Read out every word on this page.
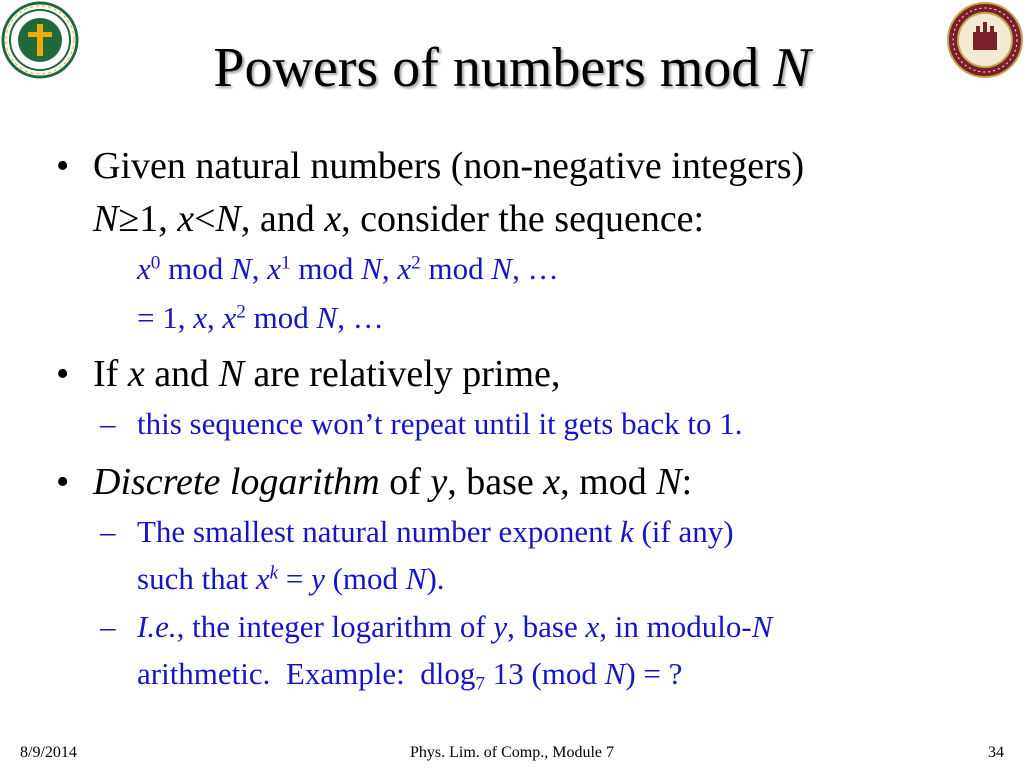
Powers of numbers mod N
• Given natural numbers (non-negative integers)
N≥1, x<N, and x, consider the sequence:
$x^0$ mod N, $x^1$ mod N, $x^2$ mod N, …
= 1, x, $x^2$ mod N, …
• If x and N are relatively prime,
– this sequence won’t repeat until it gets back to 1.
• Discrete logarithm of y, base x, mod N:
– The smallest natural number exponent k (if any)
such that $x^k = y$ (mod N).
– I.e., the integer logarithm of y, base x, in modulo-N
arithmetic.  Example:  dlog$_7$ 13 (mod N) = ?
8/9/2014	Phys. Lim. of Comp., Module 7	34
